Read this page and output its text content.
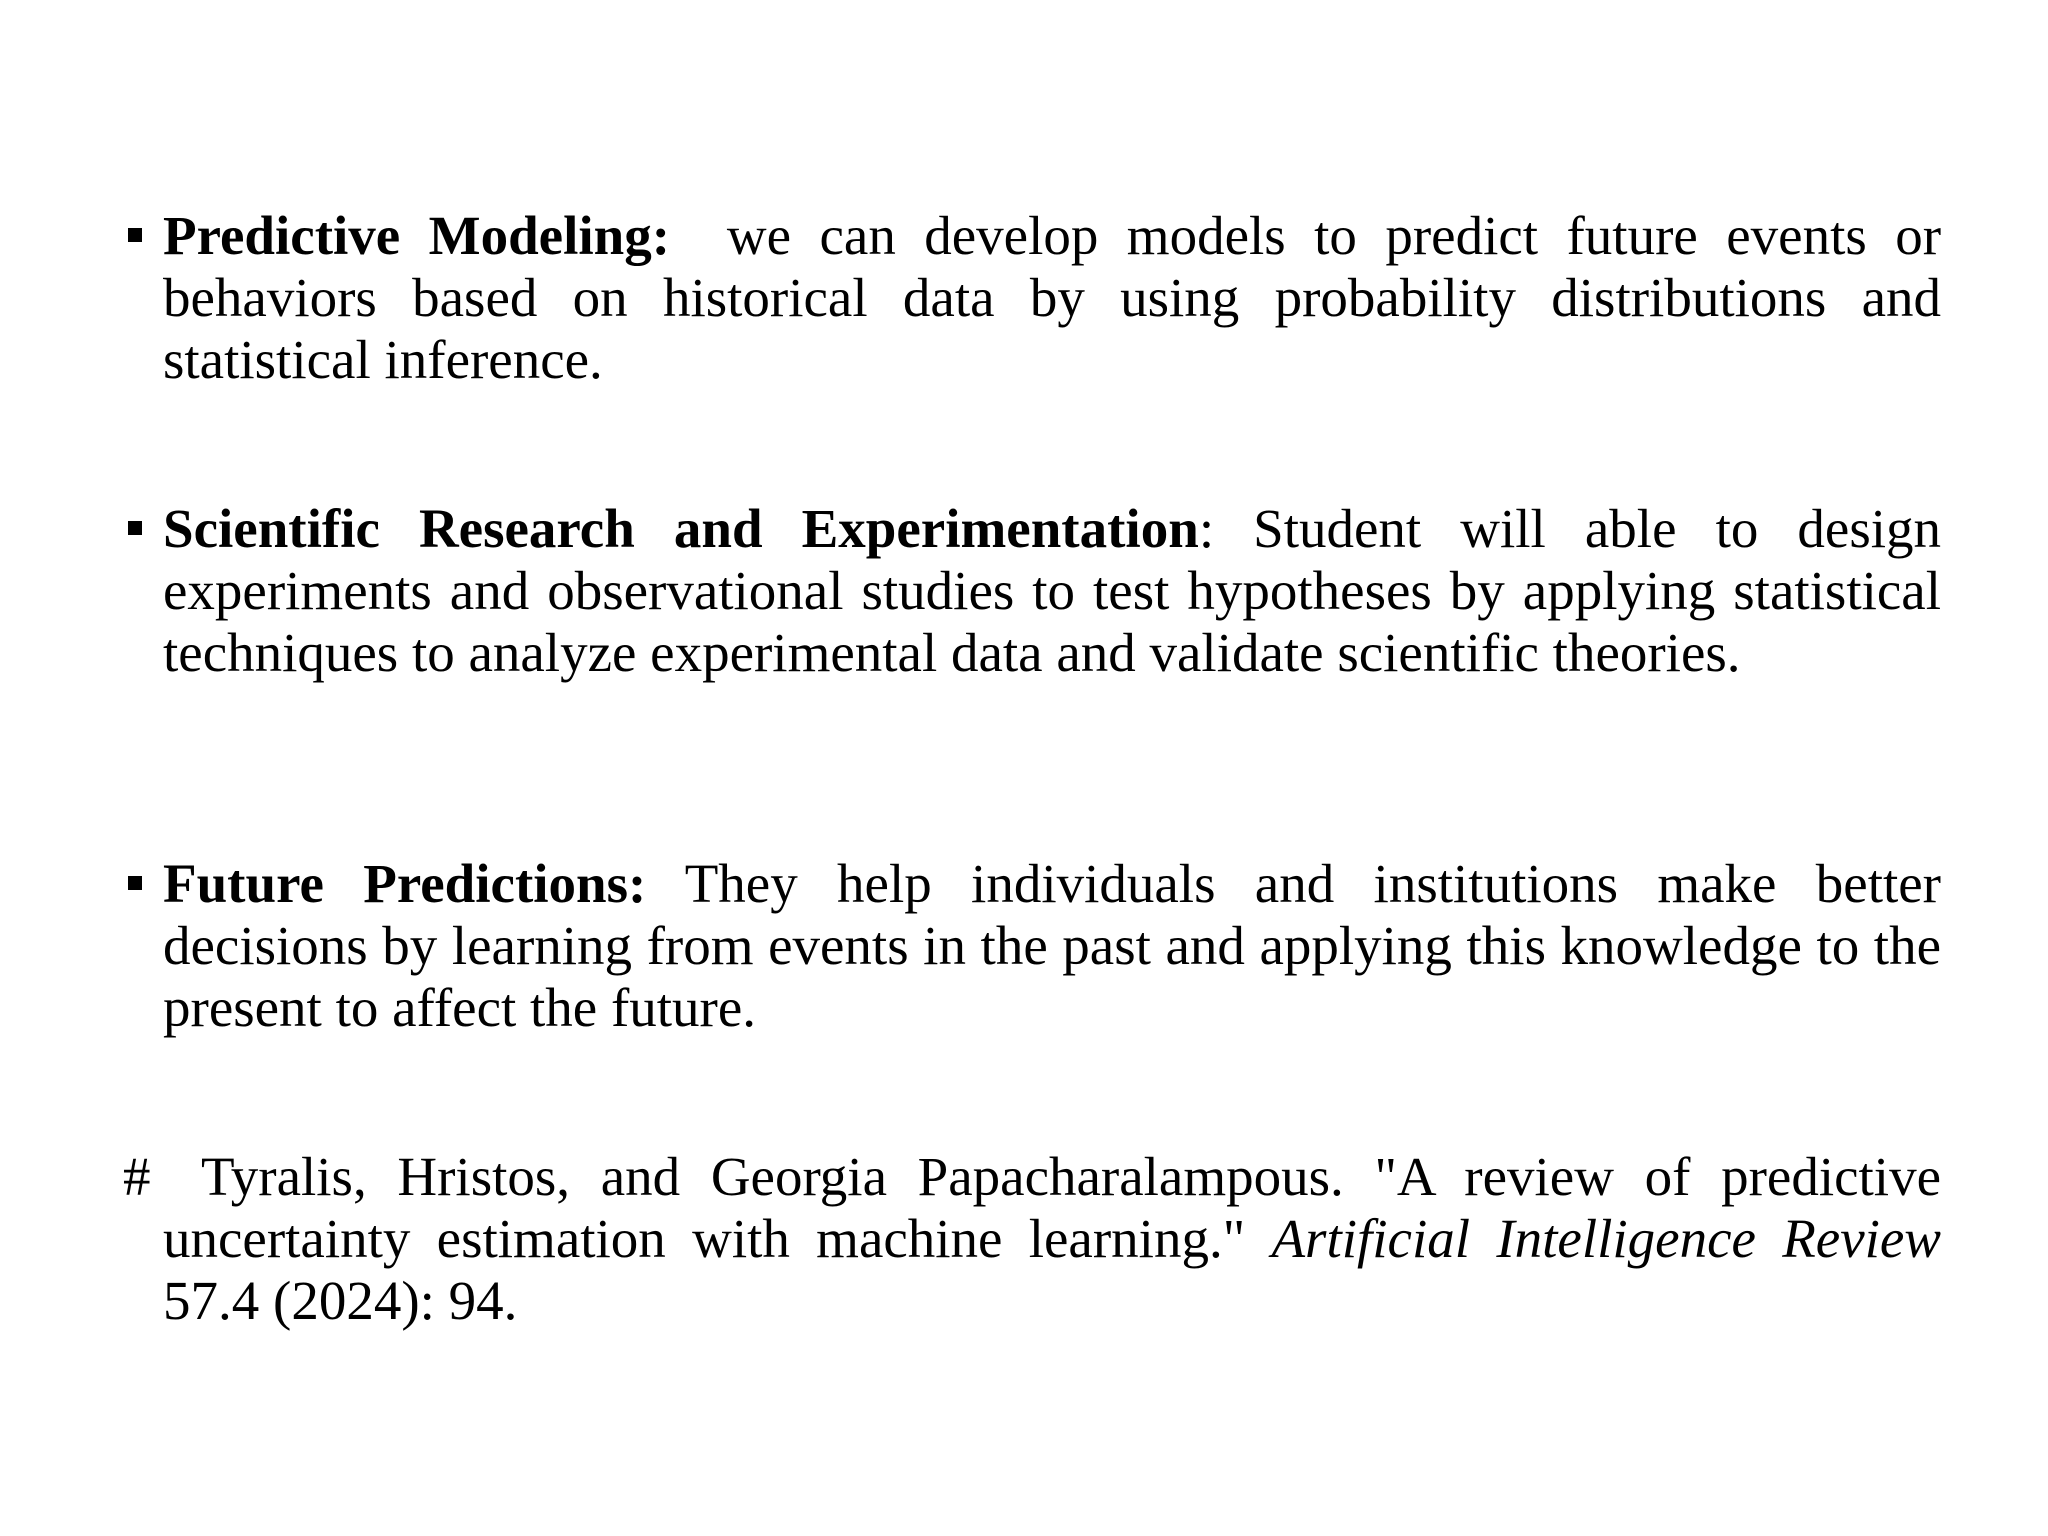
Predictive Modeling:  we can develop models to predict future events or behaviors based on historical data by using probability distributions and statistical inference.
Scientific Research and Experimentation: Student will able to design experiments and observational studies to test hypotheses by applying statistical techniques to analyze experimental data and validate scientific theories.
Future Predictions: They help individuals and institutions make better decisions by learning from events in the past and applying this knowledge to the present to affect the future.
# Tyralis, Hristos, and Georgia Papacharalampous. "A review of predictive uncertainty estimation with machine learning." Artificial Intelligence Review 57.4 (2024): 94.
